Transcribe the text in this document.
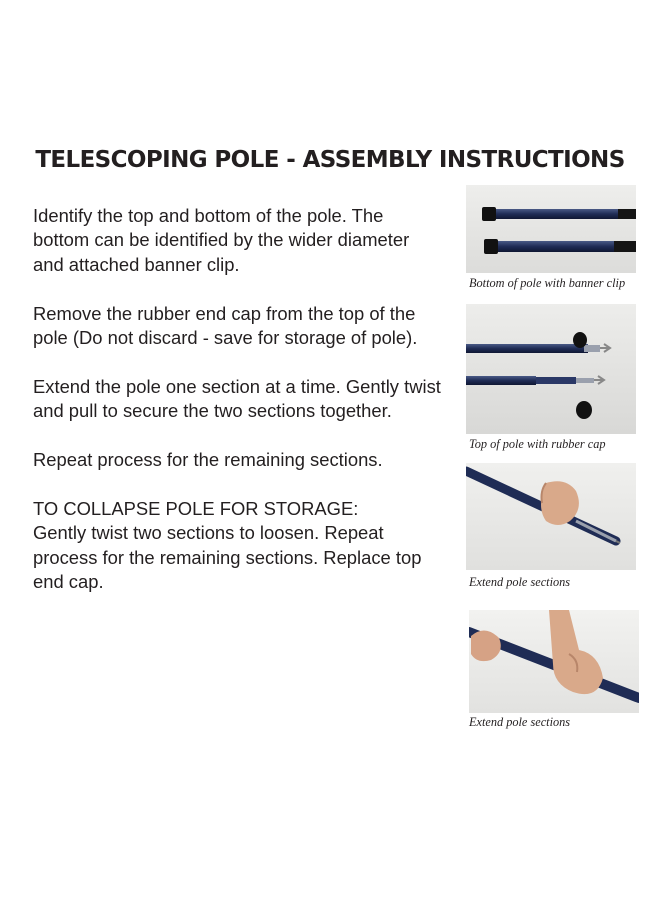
TELESCOPING POLE - ASSEMBLY INSTRUCTIONS

Identify the top and bottom of the pole. The bottom can be identified by the wider diameter and attached banner clip.

Remove the rubber end cap from the top of the pole (Do not discard - save for storage of pole).

Extend the pole one section at a time. Gently twist and pull to secure the two sections together.

Repeat process for the remaining sections.

TO COLLAPSE POLE FOR STORAGE:

Gently twist two sections to loosen. Repeat process for the remaining sections. Replace top end cap.

Bottom of pole with banner clip
Top of pole with rubber cap
Extend pole sections
Extend pole sections
